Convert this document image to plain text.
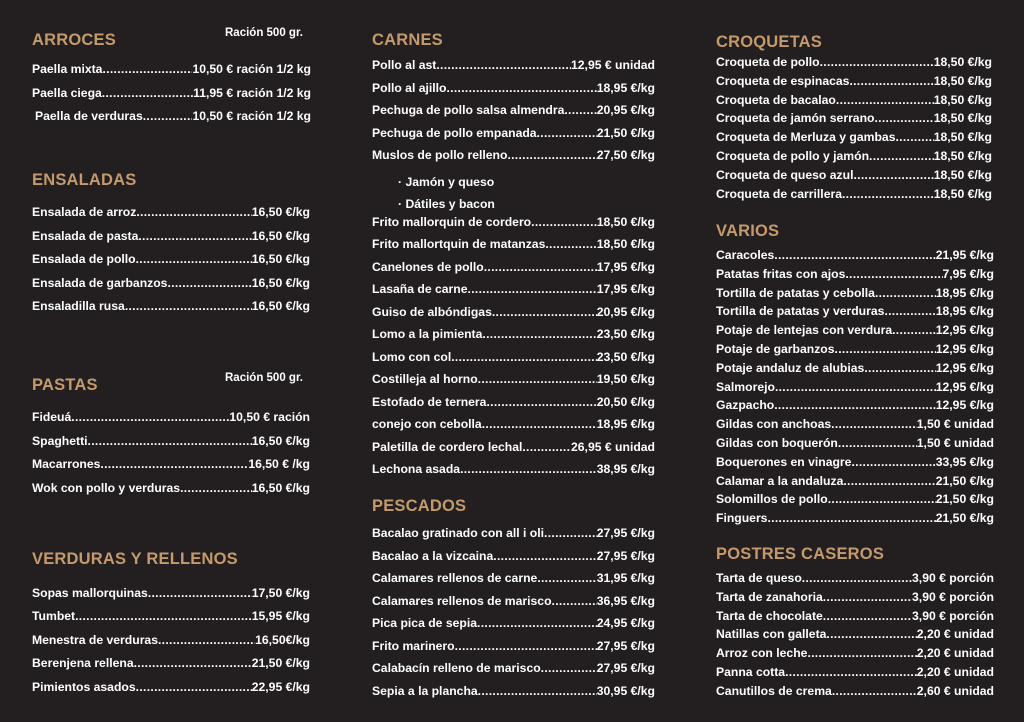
ARROCES	Ración 500 gr.
Paella mixta .....	10,50 € ración 1/2 kg
Paella ciega .....	11,95 € ración 1/2 kg
Paella de verduras .....	10,50 € ración 1/2 kg
ENSALADAS
Ensalada de arroz .....	16,50 €/kg
Ensalada de pasta .....	16,50 €/kg
Ensalada de pollo .....	16,50 €/kg
Ensalada de garbanzos .....	16,50 €/kg
Ensaladilla rusa .....	16,50 €/kg
PASTAS	Ración 500 gr.
Fideuá .....	10,50 € ración
Spaghetti .....	16,50 €/kg
Macarrones .....	16,50 € /kg
Wok con pollo y verduras .....	16,50 €/kg
VERDURAS Y RELLENOS
Sopas mallorquinas .....	17,50 €/kg
Tumbet .....	15,95 €/kg
Menestra de verduras .....	16,50€/kg
Berenjena rellena .....	21,50 €/kg
Pimientos asados .....	22,95 €/kg
CARNES
Pollo al ast .....	12,95 € unidad
Pollo al ajillo .....	18,95 €/kg
Pechuga de pollo salsa almendra .....	20,95 €/kg
Pechuga de pollo empanada .....	21,50 €/kg
Muslos de pollo relleno .....	27,50 €/kg
· Jamón y queso
· Dátiles y bacon
Frito mallorquin de cordero .....	18,50 €/kg
Frito mallortquin de matanzas .....	18,50 €/kg
Canelones de pollo .....	17,95 €/kg
Lasaña de carne .....	17,95 €/kg
Guiso de albóndigas .....	20,95 €/kg
Lomo a la pimienta .....	23,50 €/kg
Lomo con col .....	23,50 €/kg
Costilleja al horno .....	19,50 €/kg
Estofado de ternera .....	20,50 €/kg
conejo con cebolla .....	18,95 €/kg
Paletilla de cordero lechal .....	26,95 € unidad
Lechona asada .....	38,95 €/kg
PESCADOS
Bacalao gratinado con all i oli .....	27,95 €/kg
Bacalao a la vizcaina .....	27,95 €/kg
Calamares rellenos de carne .....	31,95 €/kg
Calamares rellenos de marisco .....	36,95 €/kg
Pica pica de sepia .....	24,95 €/kg
Frito marinero .....	27,95 €/kg
Calabacín relleno de marisco .....	27,95 €/kg
Sepia a la plancha .....	30,95 €/kg
CROQUETAS
Croqueta de pollo .....	18,50 €/kg
Croqueta de espinacas .....	18,50 €/kg
Croqueta de bacalao .....	18,50 €/kg
Croqueta de jamón serrano .....	18,50 €/kg
Croqueta de Merluza y gambas .....	18,50 €/kg
Croqueta de pollo y jamón .....	18,50 €/kg
Croqueta de queso azul .....	18,50 €/kg
Croqueta de carrillera .....	18,50 €/kg
VARIOS
Caracoles .....	21,95 €/kg
Patatas fritas con ajos .....	7,95 €/kg
Tortilla de patatas y cebolla .....	18,95 €/kg
Tortilla de patatas y verduras .....	18,95 €/kg
Potaje de lentejas con verdura .....	12,95 €/kg
Potaje de garbanzos .....	12,95 €/kg
Potaje andaluz de alubias .....	12,95 €/kg
Salmorejo .....	12,95 €/kg
Gazpacho .....	12,95 €/kg
Gildas con anchoas .....	1,50 € unidad
Gildas con boquerón .....	1,50 € unidad
Boquerones en vinagre .....	33,95 €/kg
Calamar a la andaluza .....	21,50 €/kg
Solomillos de pollo .....	21,50 €/kg
Finguers .....	21,50 €/kg
POSTRES CASEROS
Tarta de queso .....	3,90 € porción
Tarta de zanahoria .....	3,90 € porción
Tarta de chocolate .....	3,90 € porción
Natillas con galleta .....	2,20 € unidad
Arroz con leche .....	2,20 € unidad
Panna cotta .....	2,20 € unidad
Canutillos de crema .....	2,60 € unidad
